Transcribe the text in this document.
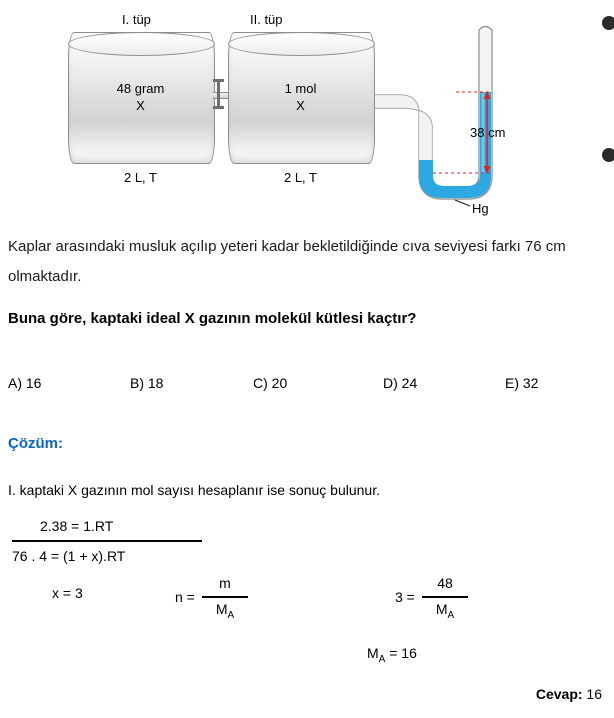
I. tüp	II. tüp
48 gram
X
1 mol
X
2 L, T	2 L, T
38 cm
Hg
Kaplar arasındaki musluk açılıp yeteri kadar bekletildiğinde cıva seviyesi farkı 76 cm olmaktadır.
Buna göre, kaptaki ideal X gazının molekül kütlesi kaçtır?
A) 16	B) 18	C) 20	D) 24	E) 32
Çözüm:
I. kaptaki X gazının mol sayısı hesaplanır ise sonuç bulunur.
2.38 = 1.RT
76 . 4 = (1 + x).RT
x = 3	n =
m
$M_A$
3 =
48
$M_A$
$M_A = 16$
Cevap: 16
